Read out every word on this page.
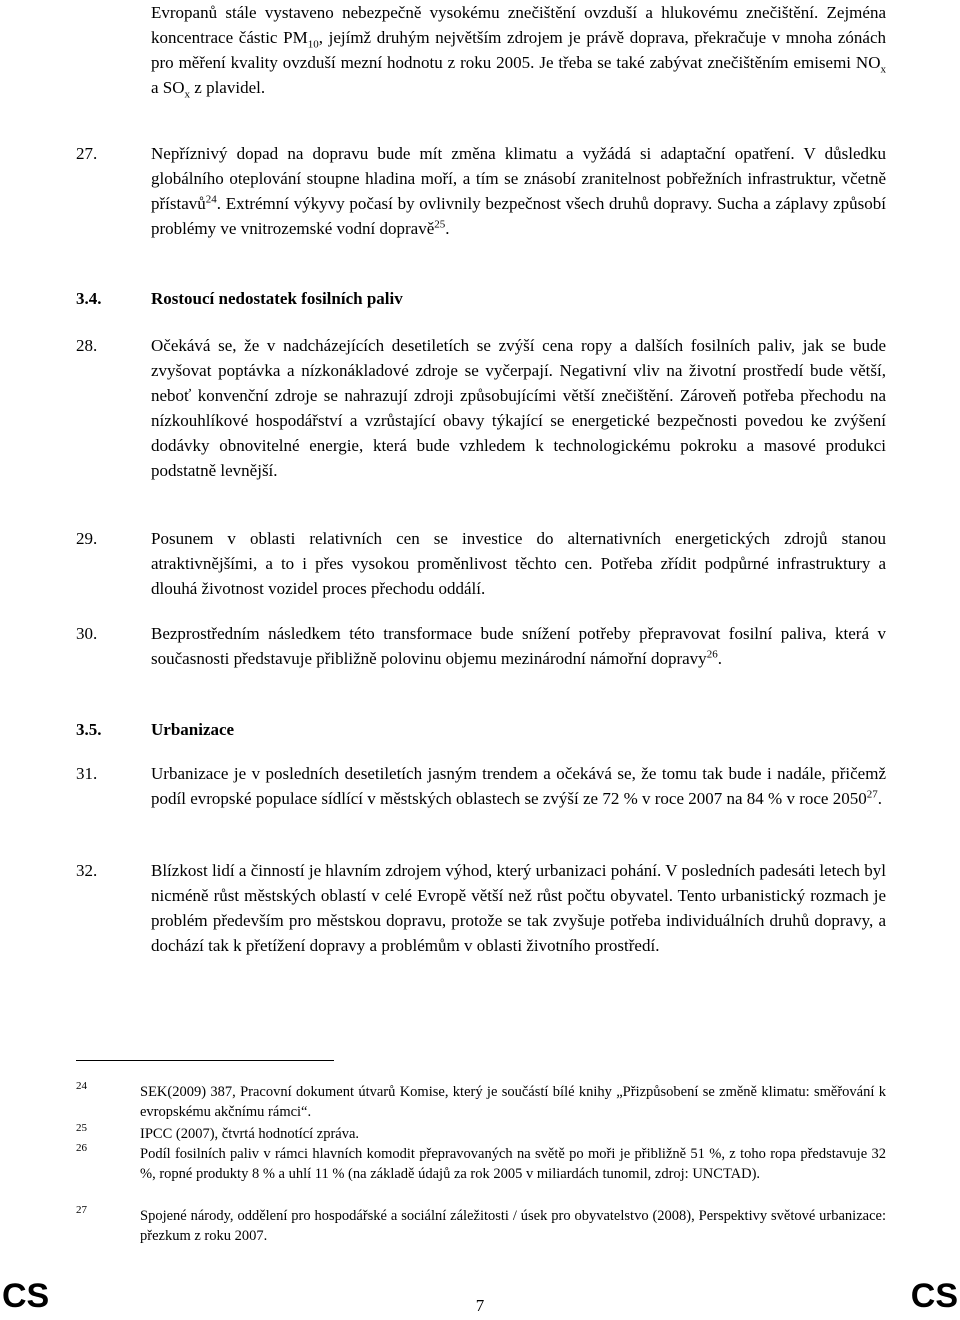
Evropanů stále vystaveno nebezpečně vysokému znečištění ovzduší a hlukovému znečištění. Zejména koncentrace částic $PM_{10}$, jejímž druhým největším zdrojem je právě doprava, překračuje v mnoha zónách pro měření kvality ovzduší mezní hodnotu z roku 2005. Je třeba se také zabývat znečištěním emisemi $NO_x$ a $SO_x$ z plavidel.
27.	Nepříznivý dopad na dopravu bude mít změna klimatu a vyžádá si adaptační opatření. V důsledku globálního oteplování stoupne hladina moří, a tím se znásobí zranitelnost pobřežních infrastruktur, včetně přístavů$^{24}$. Extrémní výkyvy počasí by ovlivnily bezpečnost všech druhů dopravy. Sucha a záplavy způsobí problémy ve vnitrozemské vodní dopravě$^{25}$.
3.4.	Rostoucí nedostatek fosilních paliv
28.	Očekává se, že v nadcházejících desetiletích se zvýší cena ropy a dalších fosilních paliv, jak se bude zvyšovat poptávka a nízkonákladové zdroje se vyčerpají. Negativní vliv na životní prostředí bude větší, neboť konvenční zdroje se nahrazují zdroji způsobujícími větší znečištění. Zároveň potřeba přechodu na nízkouhlíkové hospodářství a vzrůstající obavy týkající se energetické bezpečnosti povedou ke zvýšení dodávky obnovitelné energie, která bude vzhledem k technologickému pokroku a masové produkci podstatně levnější.
29.	Posunem v oblasti relativních cen se investice do alternativních energetických zdrojů stanou atraktivnějšími, a to i přes vysokou proměnlivost těchto cen. Potřeba zřídit podpůrné infrastruktury a dlouhá životnost vozidel proces přechodu oddálí.
30.	Bezprostředním následkem této transformace bude snížení potřeby přepravovat fosilní paliva, která v současnosti představuje přibližně polovinu objemu mezinárodní námořní dopravy$^{26}$.
3.5.	Urbanizace
31.	Urbanizace je v posledních desetiletích jasným trendem a očekává se, že tomu tak bude i nadále, přičemž podíl evropské populace sídlící v městských oblastech se zvýší ze 72 % v roce 2007 na 84 % v roce 2050$^{27}$.
32.	Blízkost lidí a činností je hlavním zdrojem výhod, který urbanizaci pohání. V posledních padesáti letech byl nicméně růst městských oblastí v celé Evropě větší než růst počtu obyvatel. Tento urbanistický rozmach je problém především pro městskou dopravu, protože se tak zvyšuje potřeba individuálních druhů dopravy, a dochází tak k přetížení dopravy a problémům v oblasti životního prostředí.
24	SEK(2009) 387, Pracovní dokument útvarů Komise, který je součástí bílé knihy „Přizpůsobení se změně klimatu: směřování k evropskému akčnímu rámci“.
25	IPCC (2007), čtvrtá hodnotící zpráva.
26	Podíl fosilních paliv v rámci hlavních komodit přepravovaných na světě po moři je přibližně 51 %, z toho ropa představuje 32 %, ropné produkty 8 % a uhlí 11 % (na základě údajů za rok 2005 v miliardách tunomil, zdroj: UNCTAD).
27	Spojené národy, oddělení pro hospodářské a sociální záležitosti / úsek pro obyvatelstvo (2008), Perspektivy světové urbanizace: přezkum z roku 2007.
CS	7	CS
